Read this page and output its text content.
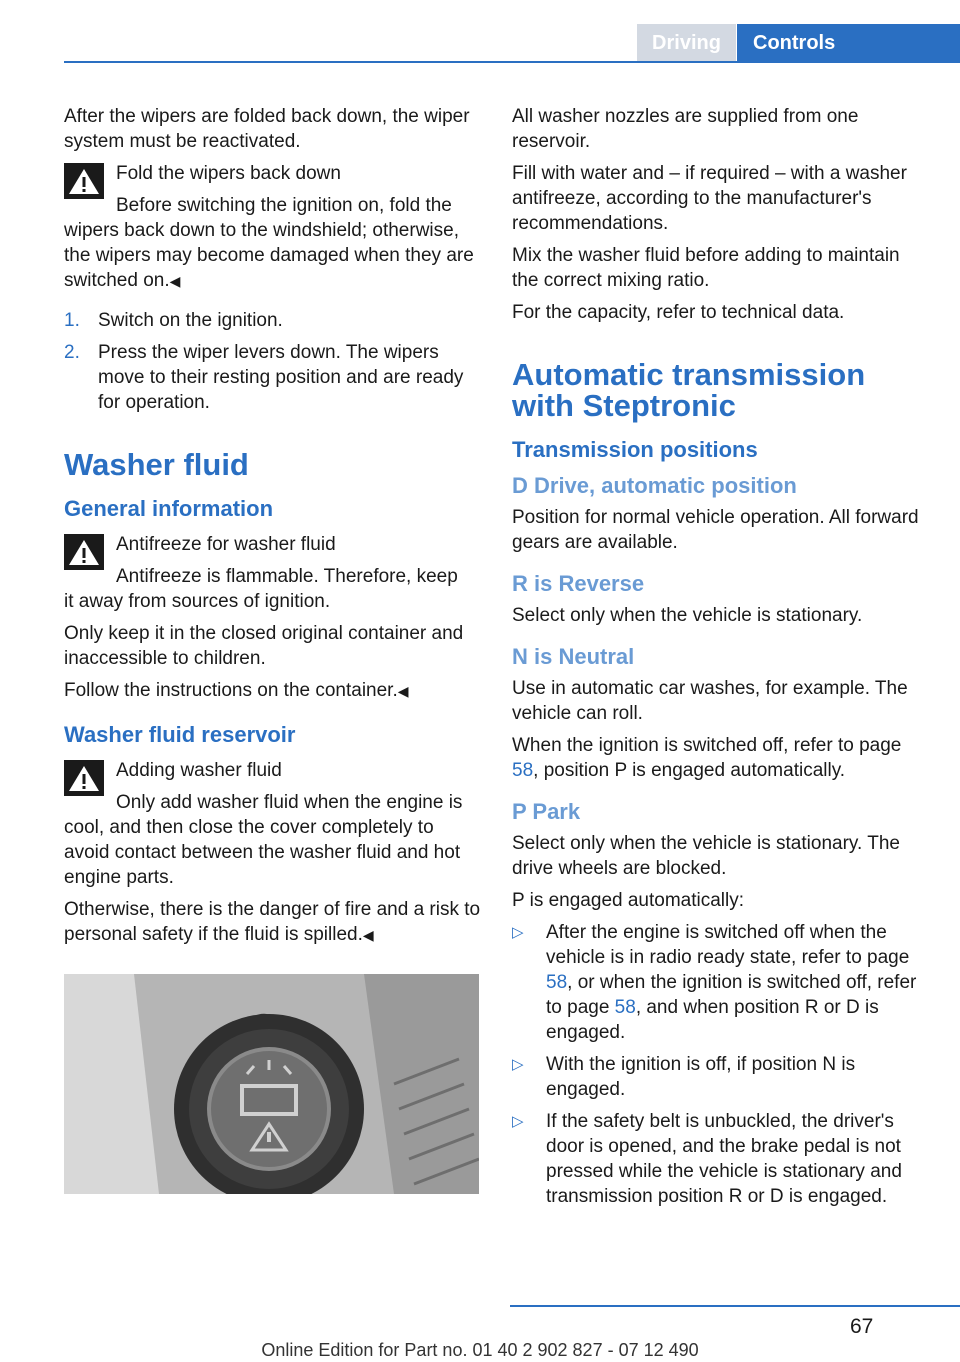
Driving	Controls

After the wipers are folded back down, the wiper system must be reactivated.

Fold the wipers back down
Before switching the ignition on, fold the
wipers back down to the windshield; otherwise, the wipers may become damaged when they are switched on.◀
1. Switch on the ignition.
2. Press the wiper levers down. The wipers move to their resting position and are ready for operation.
Washer fluid
General information
Antifreeze for washer fluid
Antifreeze is flammable. Therefore, keep
it away from sources of ignition.

Only keep it in the closed original container and inaccessible to children.

Follow the instructions on the container.◀

Washer fluid reservoir
Adding washer fluid
Only add washer fluid when the engine is
cool, and then close the cover completely to avoid contact between the washer fluid and hot engine parts.

Otherwise, there is the danger of fire and a risk to personal safety if the fluid is spilled.◀

All washer nozzles are supplied from one reservoir.

Fill with water and – if required – with a washer antifreeze, according to the manufacturer's recommendations.

Mix the washer fluid before adding to maintain the correct mixing ratio.

For the capacity, refer to technical data.

Automatic transmission with Steptronic
Transmission positions
D Drive, automatic position

Position for normal vehicle operation. All forward gears are available.

R is Reverse

Select only when the vehicle is stationary.

N is Neutral

Use in automatic car washes, for example. The vehicle can roll.

When the ignition is switched off, refer to page 58, position P is engaged automatically.

P Park

Select only when the vehicle is stationary. The drive wheels are blocked.

P is engaged automatically:

▷ After the engine is switched off when the vehicle is in radio ready state, refer to page 58, or when the ignition is switched off, refer to page 58, and when position R or D is engaged.
▷ With the ignition is off, if position N is engaged.
▷ If the safety belt is unbuckled, the driver's door is opened, and the brake pedal is not pressed while the vehicle is stationary and transmission position R or D is engaged.
67
Online Edition for Part no. 01 40 2 902 827 - 07 12 490
